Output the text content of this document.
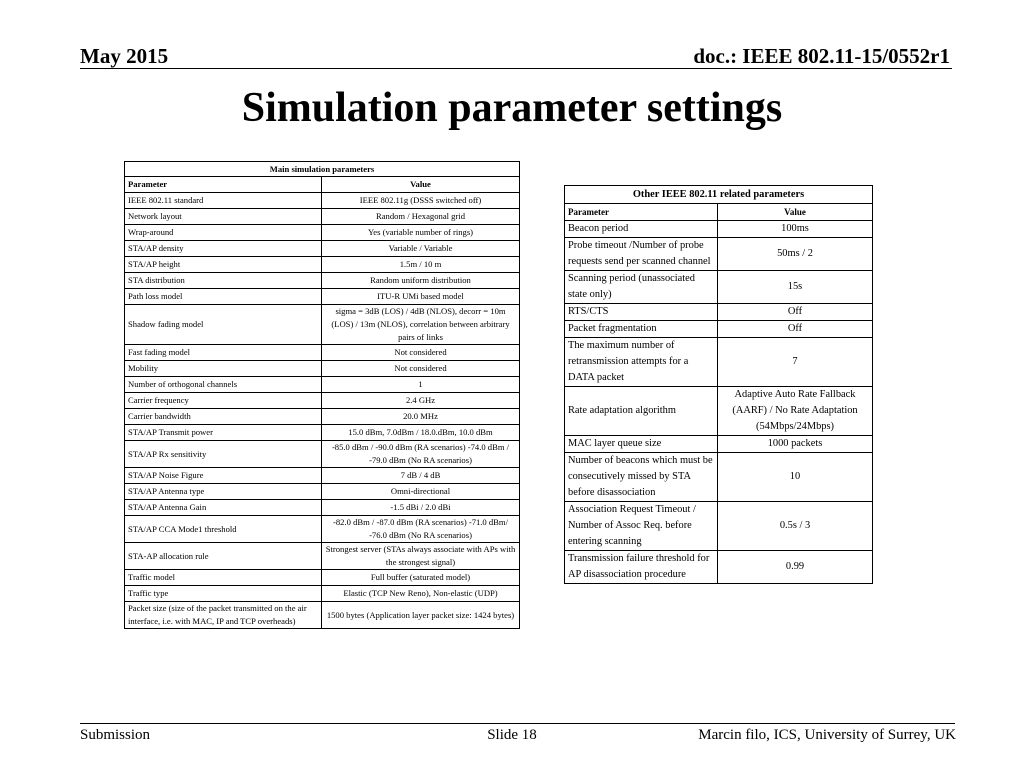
May 2015	doc.: IEEE 802.11-15/0552r1
Simulation parameter settings
Main simulation parameters	
Parameter	Value
IEEE 802.11 standard	IEEE 802.11g (DSSS switched off)
Network layout	Random / Hexagonal grid
Wrap-around	Yes (variable number of rings)
STA/AP density	Variable / Variable
STA/AP height	1.5m / 10 m
STA distribution	Random uniform distribution
Path loss model	ITU-R UMi based model
Shadow fading model	sigma = 3dB (LOS) / 4dB (NLOS), decorr = 10m (LOS) / 13m (NLOS), correlation between arbitrary pairs of links
Fast fading model	Not considered
Mobility	Not considered
Number of orthogonal channels	1
Carrier frequency	2.4 GHz
Carrier bandwidth	20.0 MHz
STA/AP Transmit power	15.0 dBm, 7.0dBm / 18.0.dBm, 10.0 dBm
STA/AP Rx sensitivity	-85.0 dBm / -90.0 dBm (RA scenarios) -74.0 dBm / -79.0 dBm (No RA scenarios)
STA/AP Noise Figure	7 dB / 4 dB
STA/AP Antenna type	Omni-directional
STA/AP Antenna Gain	-1.5 dBi / 2.0 dBi
STA/AP CCA Mode1 threshold	-82.0 dBm / -87.0 dBm (RA scenarios) -71.0 dBm/ -76.0 dBm (No RA scenarios)
STA-AP allocation rule	Strongest server (STAs always associate with APs with the strongest signal)
Traffic model	Full buffer (saturated model)
Traffic type	Elastic (TCP New Reno), Non-elastic (UDP)
Packet size (size of the packet transmitted on the air interface, i.e. with MAC, IP and TCP overheads)	1500 bytes (Application layer packet size: 1424 bytes)
Other IEEE 802.11 related parameters	
Parameter	Value
Beacon period	100ms
Probe timeout /Number of probe requests send per scanned channel	50ms / 2
Scanning period (unassociated state only)	15s
RTS/CTS	Off
Packet fragmentation	Off
The maximum number of retransmission attempts for a DATA packet	7
Rate adaptation algorithm	Adaptive Auto Rate Fallback (AARF) / No Rate Adaptation (54Mbps/24Mbps)
MAC layer queue size	1000 packets
Number of beacons which must be consecutively missed by STA before disassociation	10
Association Request Timeout / Number of Assoc Req. before entering scanning	0.5s / 3
Transmission failure threshold for AP disassociation procedure	0.99
Submission	Slide 18	Marcin filo, ICS, University of Surrey, UK
